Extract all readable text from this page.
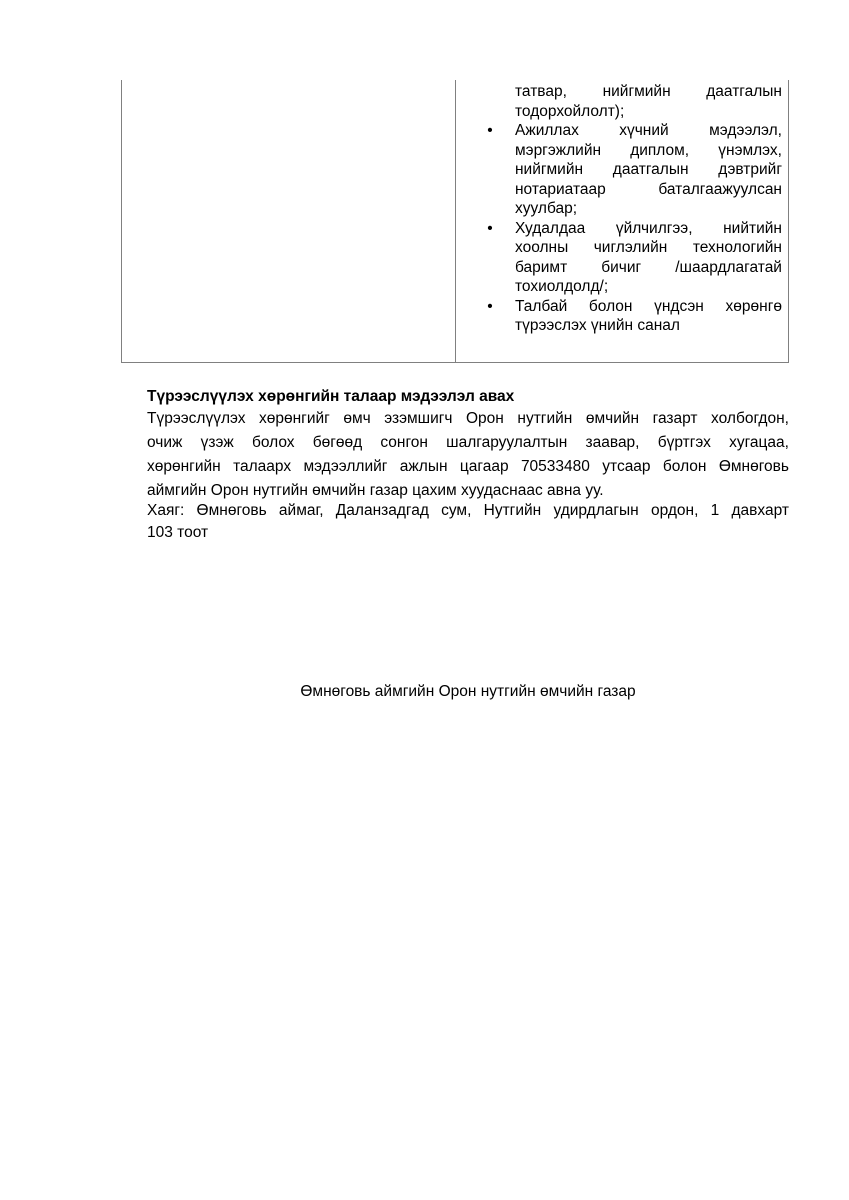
татвар, нийгмийн даатгалын
тодорхойлолт);
• Ажиллах	хүчний	мэдээлэл,
мэргэжлийн диплом, үнэмлэх,
нийгмийн даатгалын дэвтрийг
нотариатаар	баталгаажуулсан
хуулбар;
• Худалдаа үйлчилгээ, нийтийн
хоолны чиглэлийн технологийн
баримт бичиг /шаардлагатай
тохиолдолд/;
• Талбай болон үндсэн хөрөнгө
түрээслэх үнийн санал
Түрээслүүлэх хөрөнгийн талаар мэдээлэл авах
Түрээслүүлэх хөрөнгийг өмч эзэмшигч Орон нутгийн өмчийн газарт холбогдон,
очиж үзэж болох бөгөөд сонгон шалгаруулалтын заавар, бүртгэх хугацаа,
хөрөнгийн талаарх мэдээллийг ажлын цагаар 70533480 утсаар болон Өмнөговь
аймгийн Орон нутгийн өмчийн газар цахим хуудаснаас авна уу.
Хаяг: Өмнөговь аймаг, Даланзадгад сум, Нутгийн удирдлагын ордон, 1 давхарт
103 тоот
Өмнөговь аймгийн Орон нутгийн өмчийн газар
